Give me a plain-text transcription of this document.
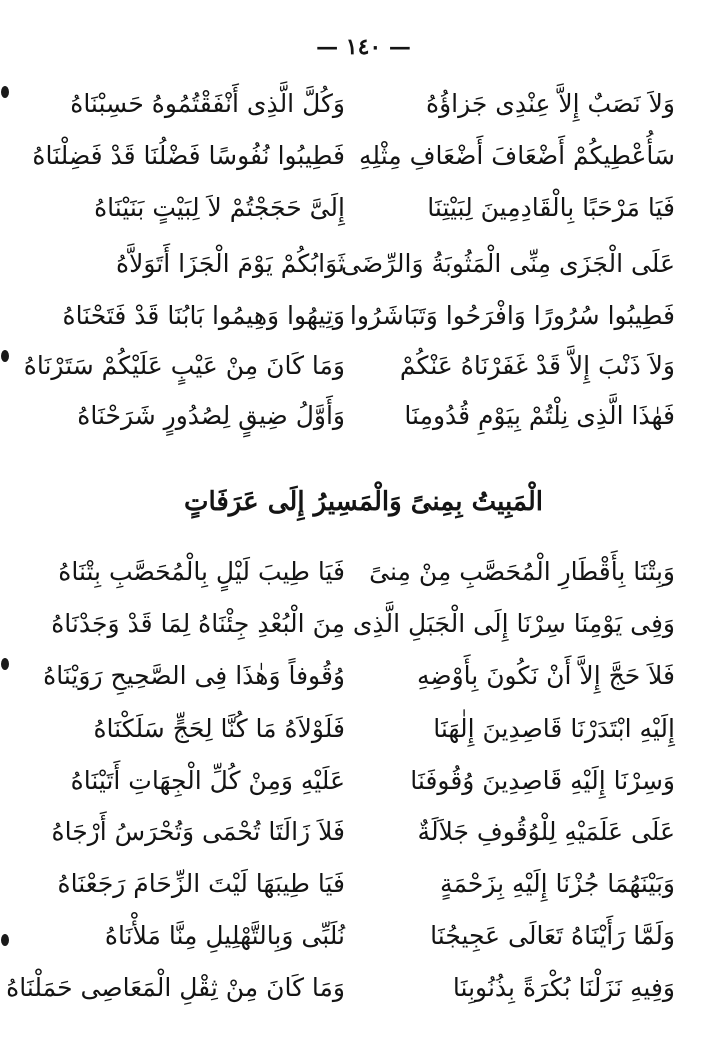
— ١٤٠ —
وَلاَ نَصَبٌ إِلاَّ عِنْدِى جَزاؤُهُ
وَكُلَّ الَّذِى أَنْفَقْتُمُوهُ حَسِبْنَاهُ
سَأُعْطِيكُمْ أَضْعَافَ أَضْعَافِ مِثْلِهِ
فَطِيبُوا نُفُوسًا فَضْلُنَا قَدْ فَضِلْنَاهُ
فَيَا مَرْحَبًا بِالْقَادِمِينَ لِبَيْتِنَا
إِلَىَّ حَجَجْتُمْ لاَ لِبَيْتٍ بَنَيْنَاهُ
عَلَى الْجَزَى مِنِّى الْمَثُوبَةُ وَالرِّضَى
ثَوَابُكُمْ يَوْمَ الْجَزَا أَتَوَلاَّهُ
فَطِيبُوا سُرُورًا وَافْرَحُوا وَتَبَاشَرُوا
وَتِيهُوا وَهِيمُوا بَابُنَا قَدْ فَتَحْنَاهُ
وَلاَ ذَنْبَ إِلاَّ قَدْ غَفَرْنَاهُ عَنْكُمْ
وَمَا كَانَ مِنْ عَيْبٍ عَلَيْكُمْ سَتَرْنَاهُ
فَهٰذَا الَّذِى نِلْتُمْ بِيَوْمِ قُدُومِنَا
وَأَوَّلُ ضِيقٍ لِصُدُورٍ شَرَحْنَاهُ
الْمَبِيتُ بِمِنىً وَالْمَسِيرُ إِلَى عَرَفَاتٍ
وَبِتْنَا بِأَقْطَارِ الْمُحَصَّبِ مِنْ مِنىً
فَيَا طِيبَ لَيْلٍ بِالْمُحَصَّبِ بِتْنَاهُ
وَفِى يَوْمِنَا سِرْنَا إِلَى الْجَبَلِ الَّذِى
مِنَ الْبُعْدِ جِئْنَاهُ لِمَا قَدْ وَجَدْنَاهُ
فَلاَ حَجَّ إِلاَّ أَنْ نَكُونَ بِأَوْضِهِ
وُقُوفاً وَهٰذَا فِى الصَّحِيحِ رَوَيْنَاهُ
إِلَيْهِ ابْتَدَرْنَا قَاصِدِينَ إِلٰهَنَا
فَلَوْلاَهُ مَا كُنَّا لِحَجٍّ سَلَكْنَاهُ
وَسِرْنَا إِلَيْهِ قَاصِدِينَ وُقُوفَنَا
عَلَيْهِ وَمِنْ كُلِّ الْجِهَاتِ أَتَيْنَاهُ
عَلَى عَلَمَيْهِ لِلْوُقُوفِ جَلاَلَةٌ
فَلاَ زَالَتَا تُحْمَى وَتُحْرَسُ أَرْجَاهُ
وَبَيْنَهُمَا جُزْنَا إِلَيْهِ بِزَحْمَةٍ
فَيَا طِيبَهَا لَيْتَ الزِّحَامَ رَجَعْنَاهُ
وَلَمَّا رَأَيْنَاهُ تَعَالَى عَجِيجُنَا
نُلَبِّى وَبِالتَّهْلِيلِ مِنَّا مَلأْنَاهُ
وَفِيهِ نَزَلْنَا بُكْرَةً بِذُنُوبِنَا
وَمَا كَانَ مِنْ ثِقْلِ الْمَعَاصِى حَمَلْنَاهُ
